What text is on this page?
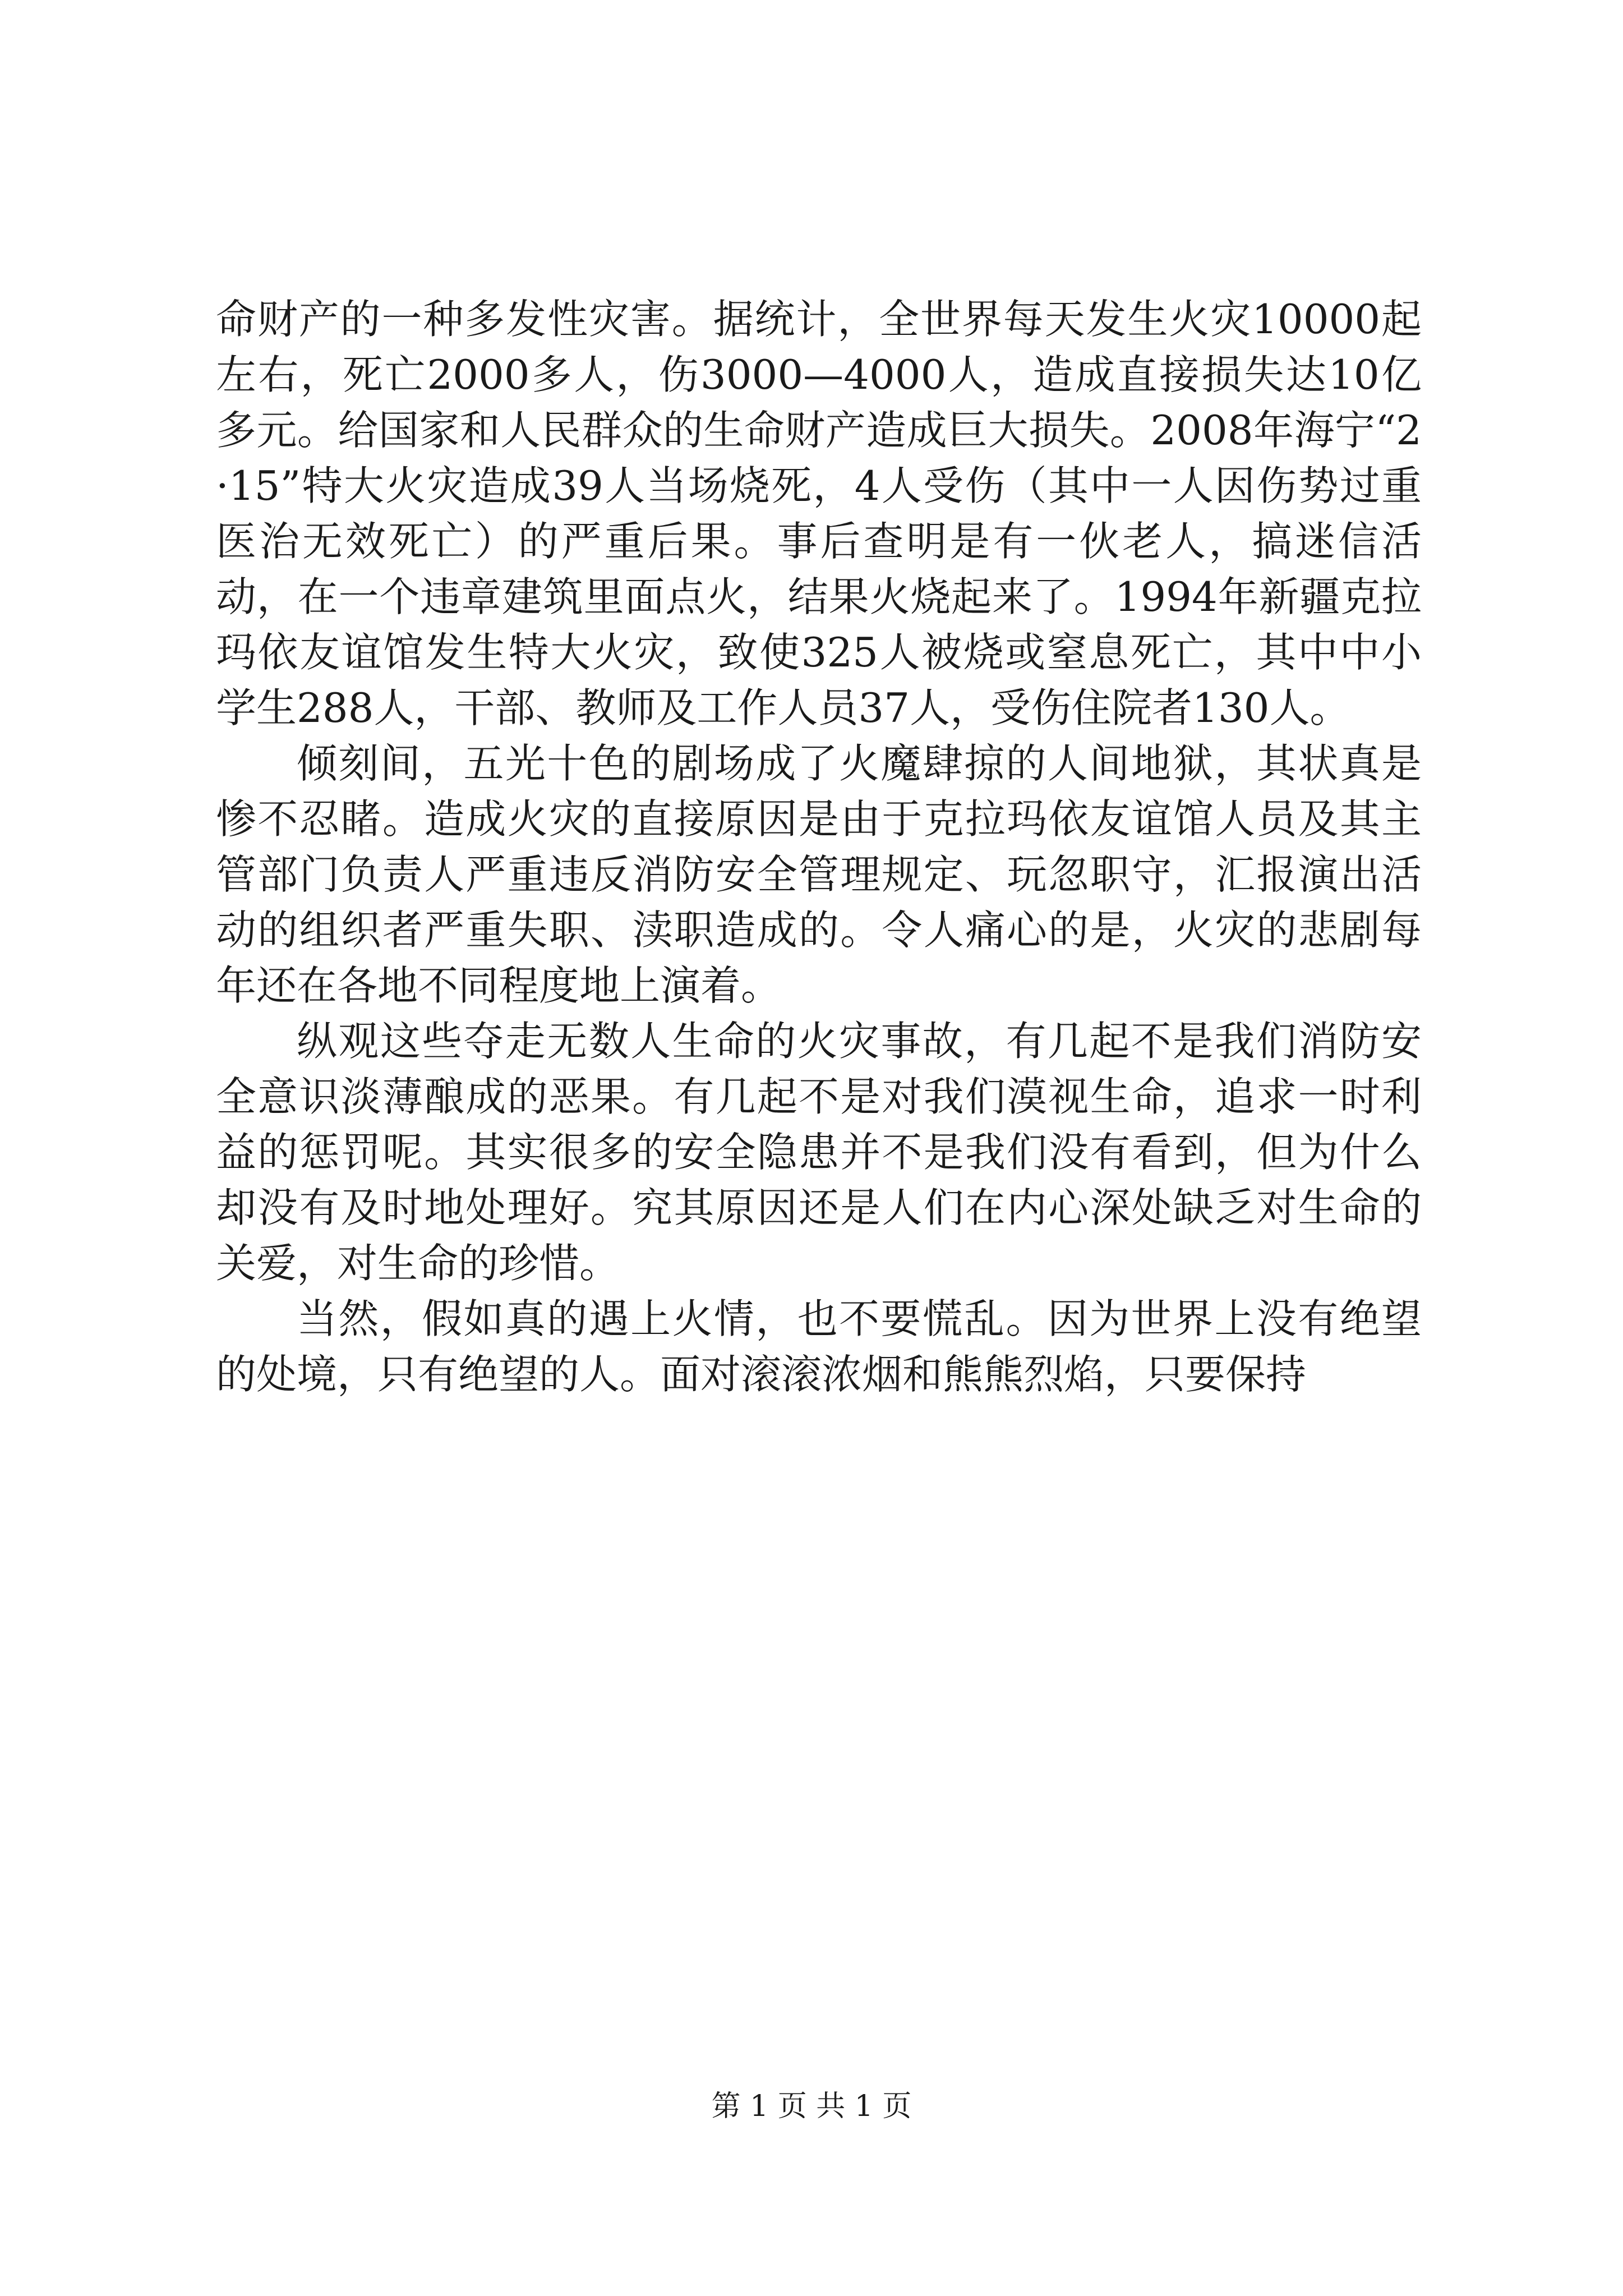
命财产的一种多发性灾害。据统计，全世界每天发生火灾10000起左右，死亡2000多人，伤3000—4000人，造成直接损失达10亿多元。给国家和人民群众的生命财产造成巨大损失。2008年海宁“2·15”特大火灾造成39人当场烧死，4人受伤（其中一人因伤势过重医治无效死亡）的严重后果。事后查明是有一伙老人，搞迷信活动，在一个违章建筑里面点火，结果火烧起来了。1994年新疆克拉玛依友谊馆发生特大火灾，致使325人被烧或窒息死亡，其中中小学生288人，干部、教师及工作人员37人，受伤住院者130人。

倾刻间，五光十色的剧场成了火魔肆掠的人间地狱，其状真是惨不忍睹。造成火灾的直接原因是由于克拉玛依友谊馆人员及其主管部门负责人严重违反消防安全管理规定、玩忽职守，汇报演出活动的组织者严重失职、渎职造成的。令人痛心的是，火灾的悲剧每年还在各地不同程度地上演着。

纵观这些夺走无数人生命的火灾事故，有几起不是我们消防安全意识淡薄酿成的恶果。有几起不是对我们漠视生命，追求一时利益的惩罚呢。其实很多的安全隐患并不是我们没有看到，但为什么却没有及时地处理好。究其原因还是人们在内心深处缺乏对生命的关爱，对生命的珍惜。

当然，假如真的遇上火情，也不要慌乱。因为世界上没有绝望的处境，只有绝望的人。面对滚滚浓烟和熊熊烈焰，只要保持

第 1 页 共 1 页
